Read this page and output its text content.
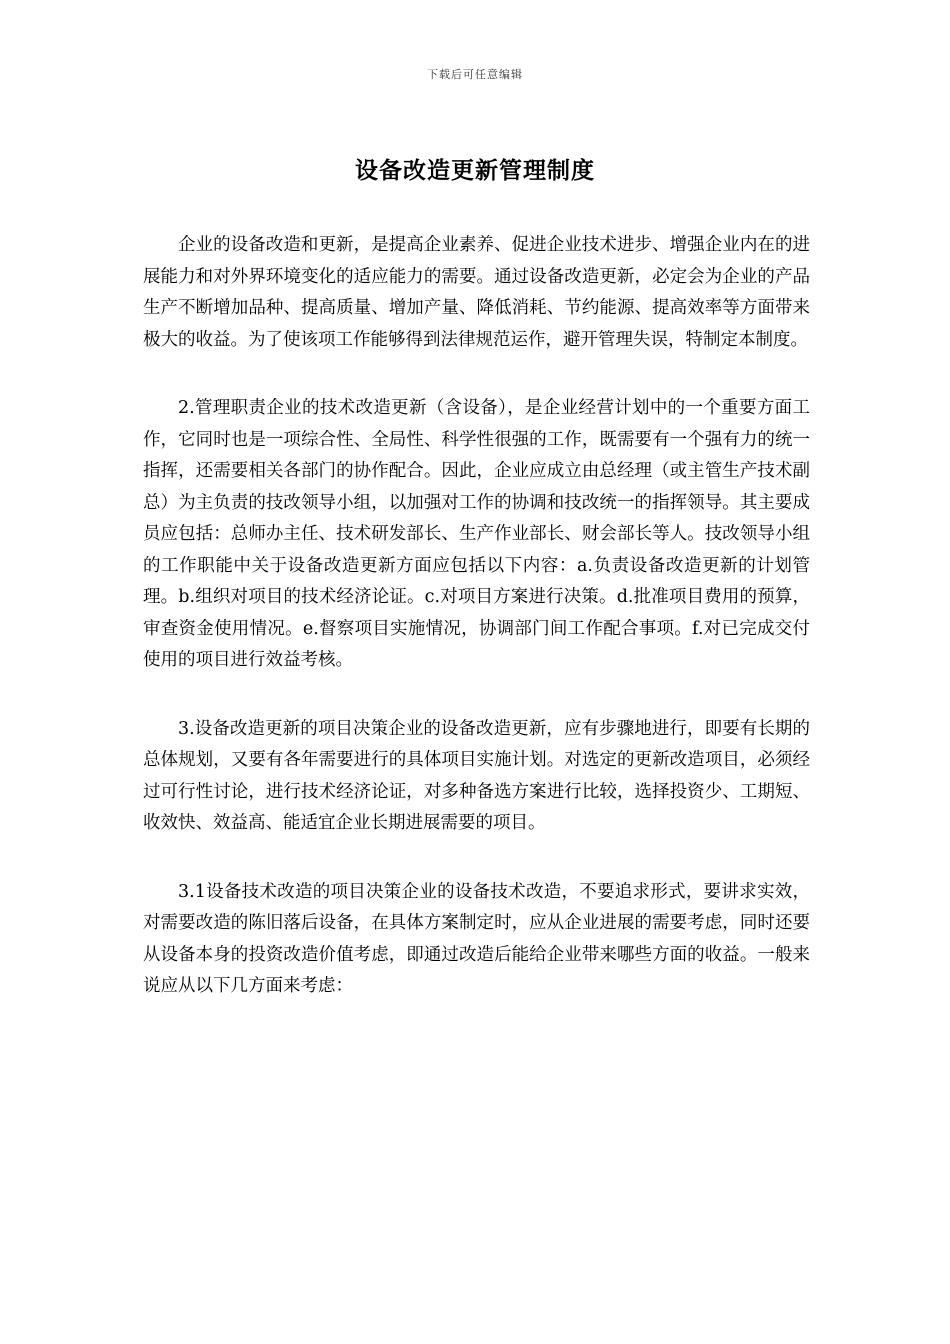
下载后可任意编辑
设备改造更新管理制度

企业的设备改造和更新，是提高企业素养、促进企业技术进步、增强企业内在的进展能力和对外界环境变化的适应能力的需要。通过设备改造更新，必定会为企业的产品生产不断增加品种、提高质量、增加产量、降低消耗、节约能源、提高效率等方面带来极大的收益。为了使该项工作能够得到法律规范运作，避开管理失误，特制定本制度。

2.管理职责企业的技术改造更新（含设备），是企业经营计划中的一个重要方面工作，它同时也是一项综合性、全局性、科学性很强的工作，既需要有一个强有力的统一指挥，还需要相关各部门的协作配合。因此，企业应成立由总经理（或主管生产技术副总）为主负责的技改领导小组，以加强对工作的协调和技改统一的指挥领导。其主要成员应包括：总师办主任、技术研发部长、生产作业部长、财会部长等人。技改领导小组的工作职能中关于设备改造更新方面应包括以下内容：a.负责设备改造更新的计划管理。b.组织对项目的技术经济论证。c.对项目方案进行决策。d.批准项目费用的预算，审查资金使用情况。e.督察项目实施情况，协调部门间工作配合事项。f.对已完成交付使用的项目进行效益考核。

3.设备改造更新的项目决策企业的设备改造更新，应有步骤地进行，即要有长期的总体规划，又要有各年需要进行的具体项目实施计划。对选定的更新改造项目，必须经过可行性讨论，进行技术经济论证，对多种备选方案进行比较，选择投资少、工期短、收效快、效益高、能适宜企业长期进展需要的项目。

3.1设备技术改造的项目决策企业的设备技术改造，不要追求形式，要讲求实效，对需要改造的陈旧落后设备，在具体方案制定时，应从企业进展的需要考虑，同时还要从设备本身的投资改造价值考虑，即通过改造后能给企业带来哪些方面的收益。一般来说应从以下几方面来考虑：
